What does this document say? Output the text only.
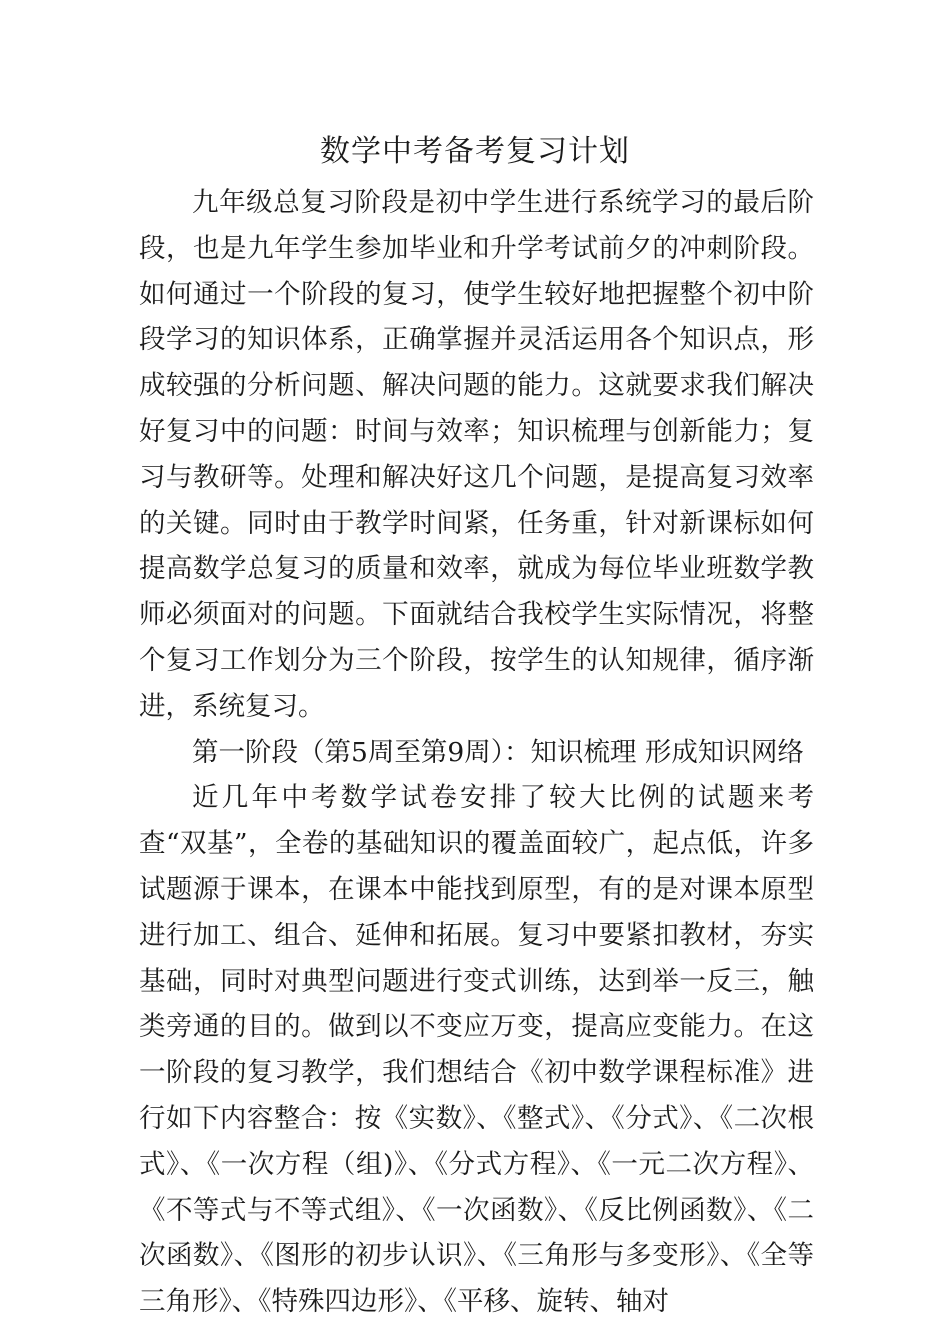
数学中考备考复习计划

九年级总复习阶段是初中学生进行系统学习的最后阶段，也是九年学生参加毕业和升学考试前夕的冲刺阶段。如何通过一个阶段的复习，使学生较好地把握整个初中阶段学习的知识体系，正确掌握并灵活运用各个知识点，形成较强的分析问题、解决问题的能力。这就要求我们解决好复习中的问题：时间与效率；知识梳理与创新能力；复习与教研等。处理和解决好这几个问题，是提高复习效率的关键。同时由于教学时间紧，任务重，针对新课标如何提高数学总复习的质量和效率，就成为每位毕业班数学教师必须面对的问题。下面就结合我校学生实际情况，将整个复习工作划分为三个阶段，按学生的认知规律，循序渐进，系统复习。

第一阶段（第5周至第9周）：知识梳理 形成知识网络

近几年中考数学试卷安排了较大比例的试题来考查“双基”，全卷的基础知识的覆盖面较广，起点低，许多试题源于课本，在课本中能找到原型，有的是对课本原型进行加工、组合、延伸和拓展。复习中要紧扣教材，夯实基础，同时对典型问题进行变式训练，达到举一反三，触类旁通的目的。做到以不变应万变，提高应变能力。在这一阶段的复习教学，我们想结合《初中数学课程标准》进行如下内容整合：按《实数》、《整式》、《分式》、《二次根式》、《一次方程（组)》、《分式方程》、《一元二次方程》、《不等式与不等式组》、《一次函数》、《反比例函数》、《二次函数》、《图形的初步认识》、《三角形与多变形》、《全等三角形》、《特殊四边形》、《平移、旋转、轴对
